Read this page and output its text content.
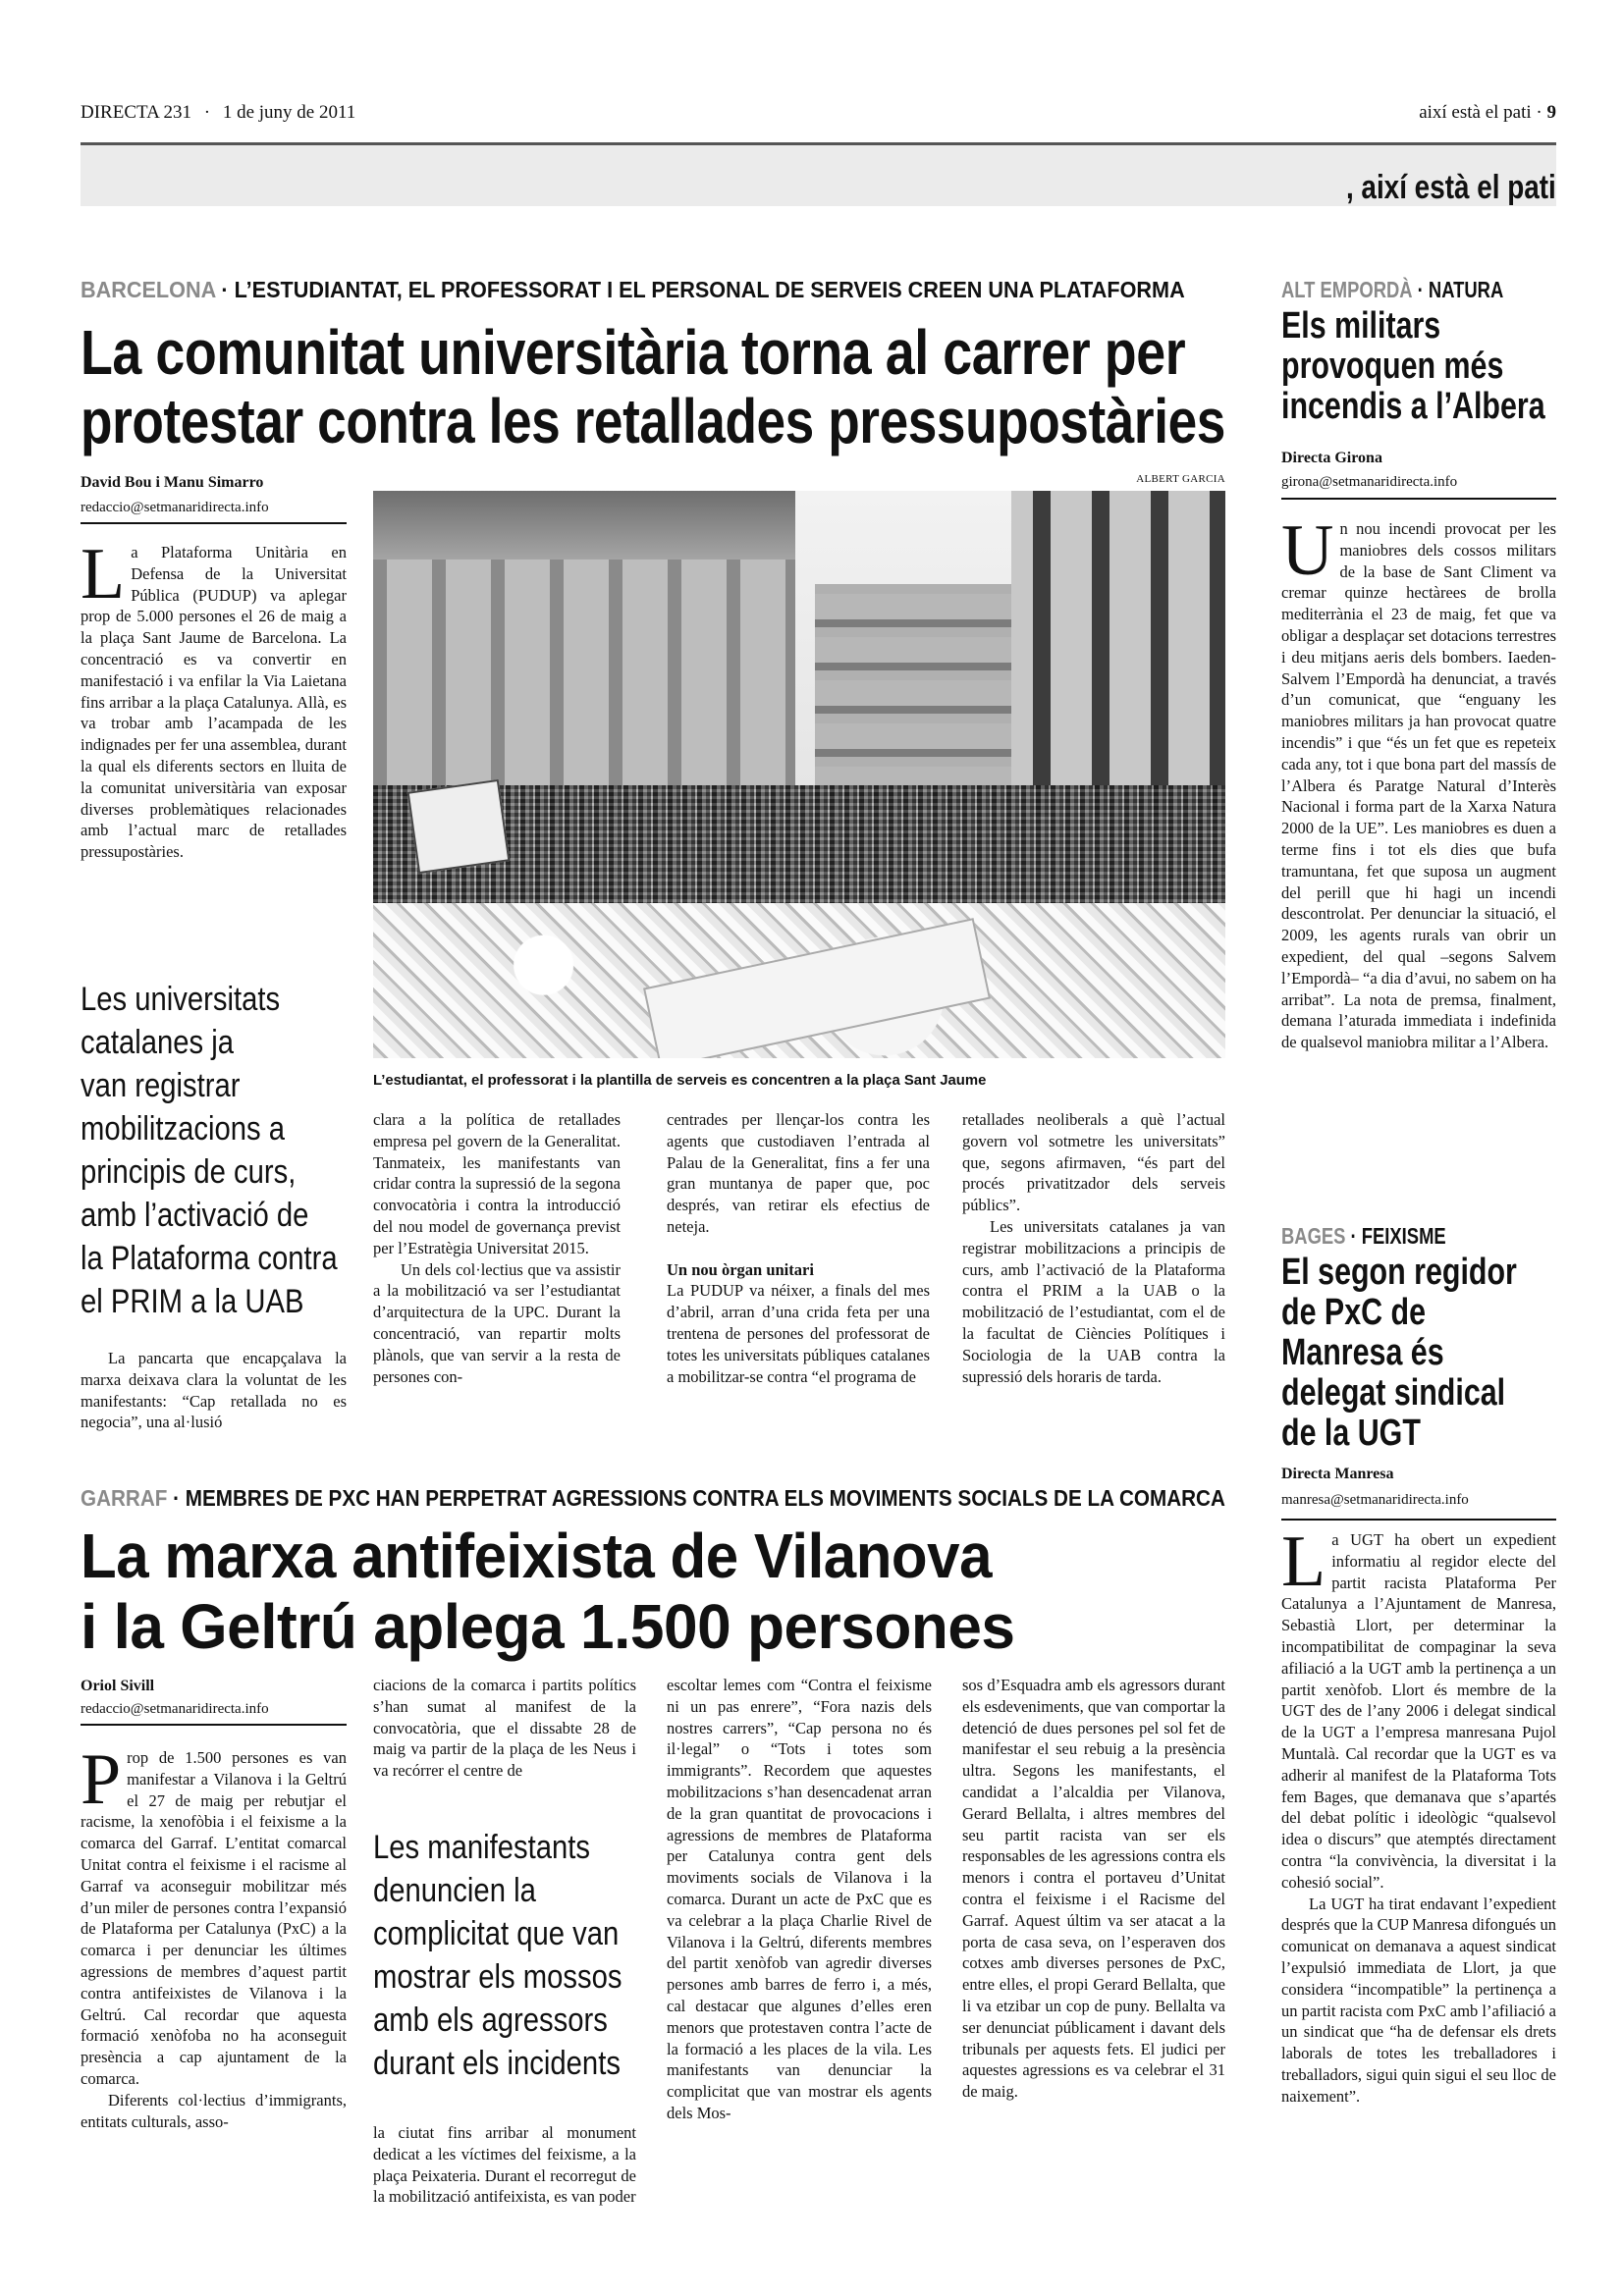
DIRECTA 231 · 1 de juny de 2011	així està el pati · 9
, així està el pati
BARCELONA · L’ESTUDIANTAT, EL PROFESSORAT I EL PERSONAL DE SERVEIS CREEN UNA PLATAFORMA
La comunitat universitària torna al carrer per
protestar contra les retallades pressupostàries
David Bou i Manu Simarro
redaccio@setmanaridirecta.info
ALBERT GARCIA
L’estudiantat, el professorat i la plantilla de serveis es concentren a la plaça Sant Jaume

La Plataforma Unitària en Defensa de la Universitat Pública (PUDUP) va aplegar prop de 5.000 persones el 26 de maig a la plaça Sant Jaume de Barcelona. La concentració es va convertir en manifestació i va enfilar la Via Laietana fins arribar a la plaça Catalunya. Allà, es va trobar amb l’acampada de les indignades per fer una assemblea, durant la qual els diferents sectors en lluita de la comunitat universitària van exposar diverses problemàtiques relacionades amb l’actual marc de retallades pressupostàries.

Les universitats
catalanes ja
van registrar
mobilitzacions a
principis de curs,
amb l’activació de
la Plataforma contra
el PRIM a la UAB

La pancarta que encapçalava la marxa deixava clara la voluntat de les manifestants: “Cap retallada no es negocia”, una al·lusió

clara a la política de retallades empresa pel govern de la Generalitat. Tanmateix, les manifestants van cridar contra la supressió de la segona convocatòria i contra la introducció del nou model de governança previst per l’Estratègia Universitat 2015.

Un dels col·lectius que va assistir a la mobilització va ser l’estudiantat d’arquitectura de la UPC. Durant la concentració, van repartir molts plànols, que van servir a la resta de persones con-

centrades per llençar-los contra les agents que custodiaven l’entrada al Palau de la Generalitat, fins a fer una gran muntanya de paper que, poc després, van retirar els efectius de neteja.

Un nou òrgan unitari

La PUDUP va néixer, a finals del mes d’abril, arran d’una crida feta per una trentena de persones del professorat de totes les universitats públiques catalanes a mobilitzar-se contra “el programa de

retallades neoliberals a què l’actual govern vol sotmetre les universitats” que, segons afirmaven, “és part del procés privatitzador dels serveis públics”.

Les universitats catalanes ja van registrar mobilitzacions a principis de curs, amb l’activació de la Plataforma contra el PRIM a la UAB o la mobilització de l’estudiantat, com el de la facultat de Ciències Polítiques i Sociologia de la UAB contra la supressió dels horaris de tarda.

GARRAF · MEMBRES DE PXC HAN PERPETRAT AGRESSIONS CONTRA ELS MOVIMENTS SOCIALS DE LA COMARCA
La marxa antifeixista de Vilanova
i la Geltrú aplega 1.500 persones
Oriol Sivill
redaccio@setmanaridirecta.info

Prop de 1.500 persones es van manifestar a Vilanova i la Geltrú el 27 de maig per rebutjar el racisme, la xenofòbia i el feixisme a la comarca del Garraf. L’entitat comarcal Unitat contra el feixisme i el racisme al Garraf va aconseguir mobilitzar més d’un miler de persones contra l’expansió de Plataforma per Catalunya (PxC) a la comarca i per denunciar les últimes agressions de membres d’aquest partit contra antifeixistes de Vilanova i la Geltrú. Cal recordar que aquesta formació xenòfoba no ha aconseguit presència a cap ajuntament de la comarca.

Diferents col·lectius d’immigrants, entitats culturals, asso-

ciacions de la comarca i partits polítics s’han sumat al manifest de la convocatòria, que el dissabte 28 de maig va partir de la plaça de les Neus i va recórrer el centre de

Les manifestants
denuncien la
complicitat que van
mostrar els mossos
amb els agressors
durant els incidents

la ciutat fins arribar al monument dedicat a les víctimes del feixisme, a la plaça Peixateria. Durant el recorregut de la mobilització antifeixista, es van poder

escoltar lemes com “Contra el feixisme ni un pas enrere”, “Fora nazis dels nostres carrers”, “Cap persona no és il·legal” o “Tots i totes som immigrants”. Recordem que aquestes mobilitzacions s’han desencadenat arran de la gran quantitat de provocacions i agressions de membres de Plataforma per Catalunya contra gent dels moviments socials de Vilanova i la comarca. Durant un acte de PxC que es va celebrar a la plaça Charlie Rivel de Vilanova i la Geltrú, diferents membres del partit xenòfob van agredir diverses persones amb barres de ferro i, a més, cal destacar que algunes d’elles eren menors que protestaven contra l’acte de la formació a les places de la vila. Les manifestants van denunciar la complicitat que van mostrar els agents dels Mos-

sos d’Esquadra amb els agressors durant els esdeveniments, que van comportar la detenció de dues persones pel sol fet de manifestar el seu rebuig a la presència ultra. Segons les manifestants, el candidat a l’alcaldia per Vilanova, Gerard Bellalta, i altres membres del seu partit racista van ser els responsables de les agressions contra els menors i contra el portaveu d’Unitat contra el feixisme i el Racisme del Garraf. Aquest últim va ser atacat a la porta de casa seva, on l’esperaven dos cotxes amb diverses persones de PxC, entre elles, el propi Gerard Bellalta, que li va etzibar un cop de puny. Bellalta va ser denunciat públicament i davant dels tribunals per aquests fets. El judici per aquestes agressions es va celebrar el 31 de maig.

ALT EMPORDÀ · NATURA
Els militars
provoquen més
incendis a l’Albera
Directa Girona
girona@setmanaridirecta.info

Un nou incendi provocat per les maniobres dels cossos militars de la base de Sant Climent va cremar quinze hectàrees de brolla mediterrània el 23 de maig, fet que va obligar a desplaçar set dotacions terrestres i deu mitjans aeris dels bombers. Iaeden-Salvem l’Empordà ha denunciat, a través d’un comunicat, que “enguany les maniobres militars ja han provocat quatre incendis” i que “és un fet que es repeteix cada any, tot i que bona part del massís de l’Albera és Paratge Natural d’Interès Nacional i forma part de la Xarxa Natura 2000 de la UE”. Les maniobres es duen a terme fins i tot els dies que bufa tramuntana, fet que suposa un augment del perill que hi hagi un incendi descontrolat. Per denunciar la situació, el 2009, les agents rurals van obrir un expedient, del qual –segons Salvem l’Empordà– “a dia d’avui, no sabem on ha arribat”. La nota de premsa, finalment, demana l’aturada immediata i indefinida de qualsevol maniobra militar a l’Albera.

BAGES · FEIXISME
El segon regidor
de PxC de
Manresa és
delegat sindical
de la UGT
Directa Manresa
manresa@setmanaridirecta.info

La UGT ha obert un expedient informatiu al regidor electe del partit racista Plataforma Per Catalunya a l’Ajuntament de Manresa, Sebastià Llort, per determinar la incompatibilitat de compaginar la seva afiliació a la UGT amb la pertinença a un partit xenòfob. Llort és membre de la UGT des de l’any 2006 i delegat sindical de la UGT a l’empresa manresana Pujol Muntalà. Cal recordar que la UGT es va adherir al manifest de la Plataforma Tots fem Bages, que demanava que s’apartés del debat polític i ideològic “qualsevol idea o discurs” que atemptés directament contra “la convivència, la diversitat i la cohesió social”.

La UGT ha tirat endavant l’expedient després que la CUP Manresa difongués un comunicat on demanava a aquest sindicat l’expulsió immediata de Llort, ja que considera “incompatible” la pertinença a un partit racista com PxC amb l’afiliació a un sindicat que “ha de defensar els drets laborals de totes les treballadores i treballadors, sigui quin sigui el seu lloc de naixement”.
